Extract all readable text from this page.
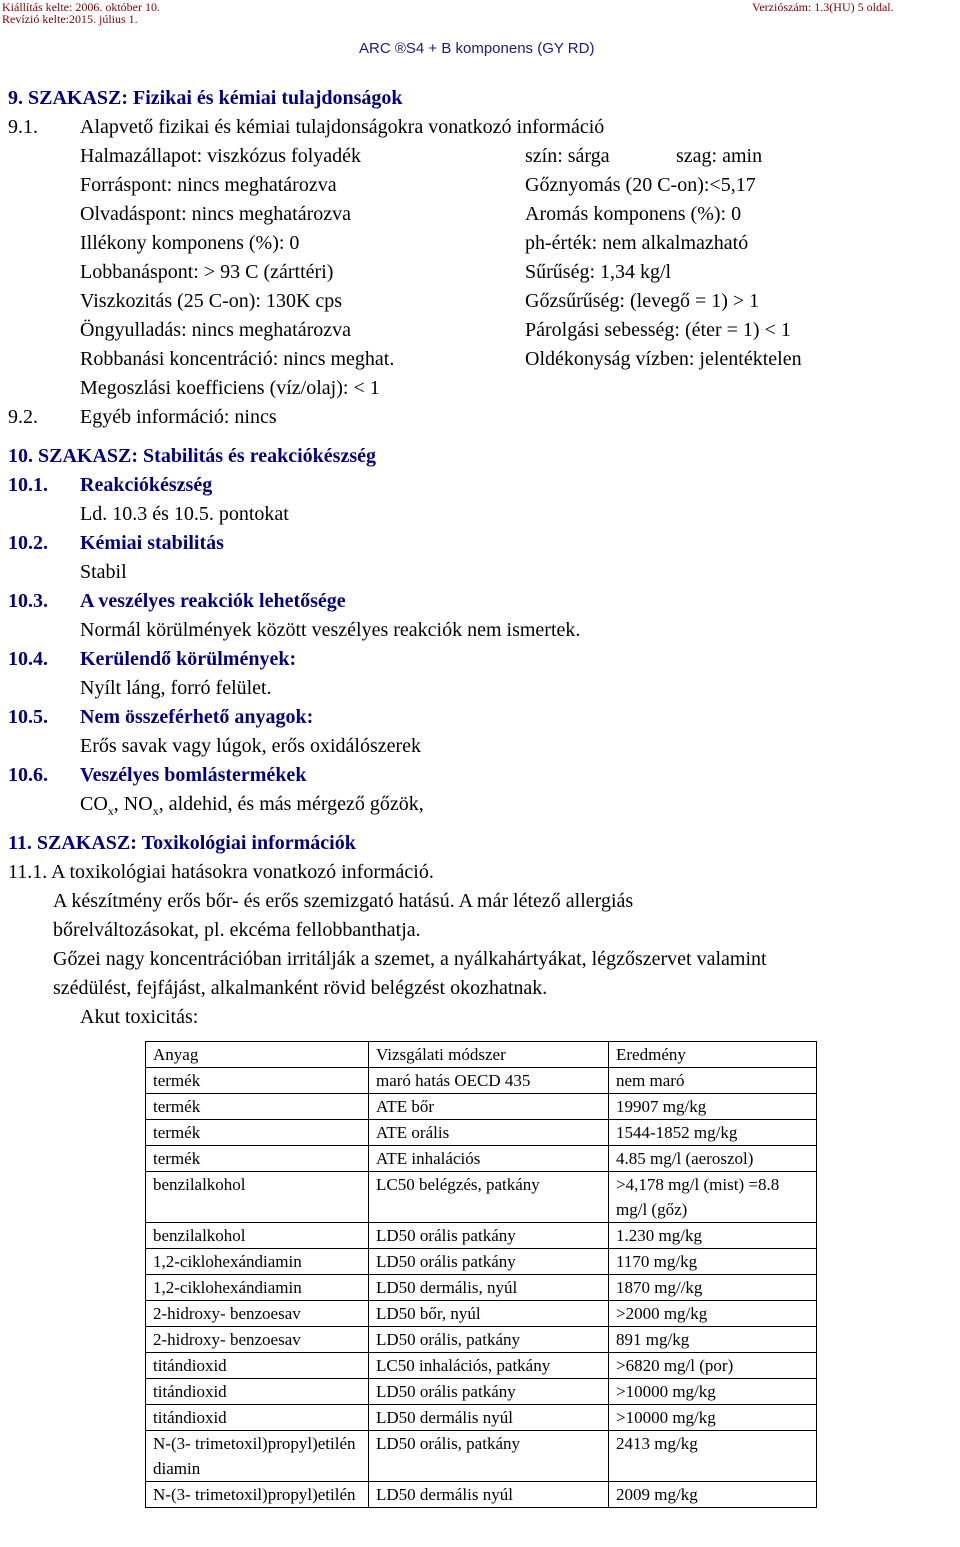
Kiállítás kelte: 2006. október 10.
Revízió kelte:2015. július 1.
Verziószám: 1.3(HU) 5 oldal.
ARC ®S4 + B komponens (GY RD)
9. SZAKASZ: Fizikai és kémiai tulajdonságok
9.1. Alapvető fizikai és kémiai tulajdonságokra vonatkozó információ
Halmazállapot: viszkózus folyadék	szín: sárga	szag: amin
Forráspont: nincs meghatározva	Gőznyomás (20 C-on):<5,17
Olvadáspont: nincs meghatározva	Aromás komponens (%): 0
Illékony komponens (%): 0	ph-érték: nem alkalmazható
Lobbanáspont: > 93 C (zárttéri)	Sűrűség: 1,34 kg/l
Viszkozitás (25 C-on): 130K cps	Gőzsűrűség: (levegő = 1) > 1
Öngyulladás: nincs meghatározva	Párolgási sebesség: (éter = 1) < 1
Robbanási koncentráció: nincs meghat.	Oldékonyság vízben: jelentéktelen
Megoszlási koefficiens (víz/olaj): < 1
9.2. Egyéb információ: nincs
10. SZAKASZ: Stabilitás és reakciókészség
10.1. Reakciókészség
Ld. 10.3 és 10.5. pontokat
10.2. Kémiai stabilitás
Stabil
10.3. A veszélyes reakciók lehetősége
Normál körülmények között veszélyes reakciók nem ismertek.
10.4. Kerülendő körülmények:
Nyílt láng, forró felület.
10.5. Nem összeférhető anyagok:
Erős savak vagy lúgok, erős oxidálószerek
10.6. Veszélyes bomlástermékek
$CO_x$, $NO_x$, aldehid, és más mérgező gőzök,
11. SZAKASZ: Toxikológiai információk
11.1. A toxikológiai hatásokra vonatkozó információ.
A készítmény erős bőr- és erős szemizgató hatású. A már létező allergiás
bőrelváltozásokat, pl. ekcéma fellobbanthatja.
Gőzei nagy koncentrációban irritálják a szemet, a nyálkahártyákat, légzőszervet valamint
szédülést, fejfájást, alkalmanként rövid belégzést okozhatnak.
Akut toxicitás:
Anyag	Vizsgálati módszer	Eredmény
termék	maró hatás OECD 435	nem maró
termék	ATE bőr	19907 mg/kg
termék	ATE orális	1544-1852 mg/kg
termék	ATE inhalációs	4.85 mg/l (aeroszol)
benzilalkohol	LC50 belégzés, patkány	>4,178 mg/l (mist) =8.8 mg/l (gőz)
benzilalkohol	LD50 orális patkány	1.230 mg/kg
1,2-ciklohexándiamin	LD50 orális patkány	1170 mg/kg
1,2-ciklohexándiamin	LD50 dermális, nyúl	1870 mg//kg
2-hidroxy- benzoesav	LD50 bőr, nyúl	>2000 mg/kg
2-hidroxy- benzoesav	LD50 orális, patkány	891 mg/kg
titándioxid	LC50 inhalációs, patkány	>6820 mg/l (por)
titándioxid	LD50 orális patkány	>10000 mg/kg
titándioxid	LD50 dermális nyúl	>10000 mg/kg
N-(3- trimetoxil)propyl)etilén diamin	LD50 orális, patkány	2413 mg/kg
N-(3- trimetoxil)propyl)etilén	LD50 dermális nyúl	2009 mg/kg
